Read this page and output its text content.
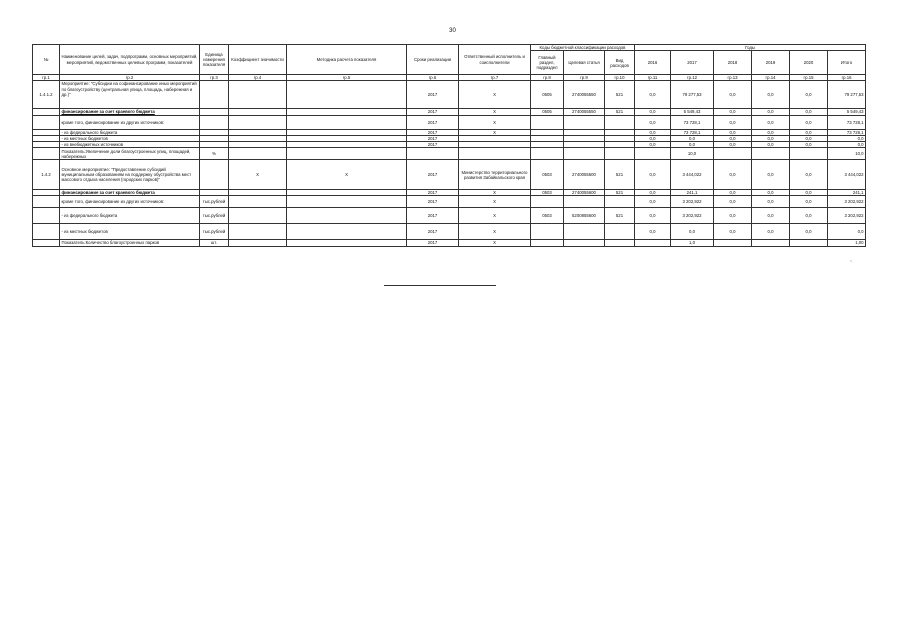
30
№	Наименование целей, задач, подпрограмм, основных мероприятий, мероприятий, ведомственных целевых программ, показателей	Единица измерения показателя	Коэффициент значимости	Методика расчета показателя	Сроки реализации	Ответственный исполнитель и соисполнители	Коды бюджетной классификации расходов			Годы					
							Главный раздел, подраздел	Целевая статья	Вид расходов	2016	2017	2018	2019	2020	Итого

гр.1	гр.2	гр.3	гр.4	гр.5	гр.6	гр.7	гр.8	гр.9	гр.10	гр.11	гр.12	гр.13	гр.14	гр.15	гр.16
1.4.1.2	Мероприятие: "Субсидии на софинансирование иных мероприятий по благоустройству (центральная улица, площадь, набережная и др.)"				2017	Х	0505	2740055550	521	0,0	79 277,53	0,0	0,0	0,0	79 277,53
	финансирование за счет краевого бюджета				2017	Х	0505	2740055550	521	0,0	5 549,43	0,0	0,0	0,0	5 549,43
	кроме того, финансирование из других источников:				2017	Х				0,0	73 728,1	0,0	0,0	0,0	73 728,1
	- из федерального бюджета				2017	Х				0,0	73 728,1	0,0	0,0	0,0	73 728,1
	- из местных бюджетов				2017					0,0	0,0	0,0	0,0	0,0	0,0
	- из внебюджетных источников				2017					0,0	0,0	0,0	0,0	0,0	0,0
	Показатель:Увеличение доли благоустроенных улиц, площадей, набережных	%									10,0				10,0
1.4.2	Основное мероприятие: "Предоставление субсидий муниципальным образованиям на поддержку обустройства мест массового отдыха населения (городских парков)"		Х	Х	2017	Министерство территориального развития Забайкальского края	0503	2740055600	521	0,0	3 444,022	0,0	0,0	0,0	3 444,022
	финансирование за счет краевого бюджета				2017	Х	0503	2740055600	521	0,0	241,1	0,0	0,0	0,0	241,1
	кроме того, финансирование из других источников:	тыс.рублей			2017	Х				0,0	3 202,922	0,0	0,0	0,0	3 202,922
	- из федерального бюджета	тыс.рублей			2017	Х	0503	5200855600	521	0,0	3 202,922	0,0	0,0	0,0	3 202,922
	- из местных бюджетов	тыс.рублей			2017	Х				0,0	0,0	0,0	0,0	0,0	0,0
	Показатель:Количество благоустроенных парков	шт.			2017	Х					1,0				1,00
".
